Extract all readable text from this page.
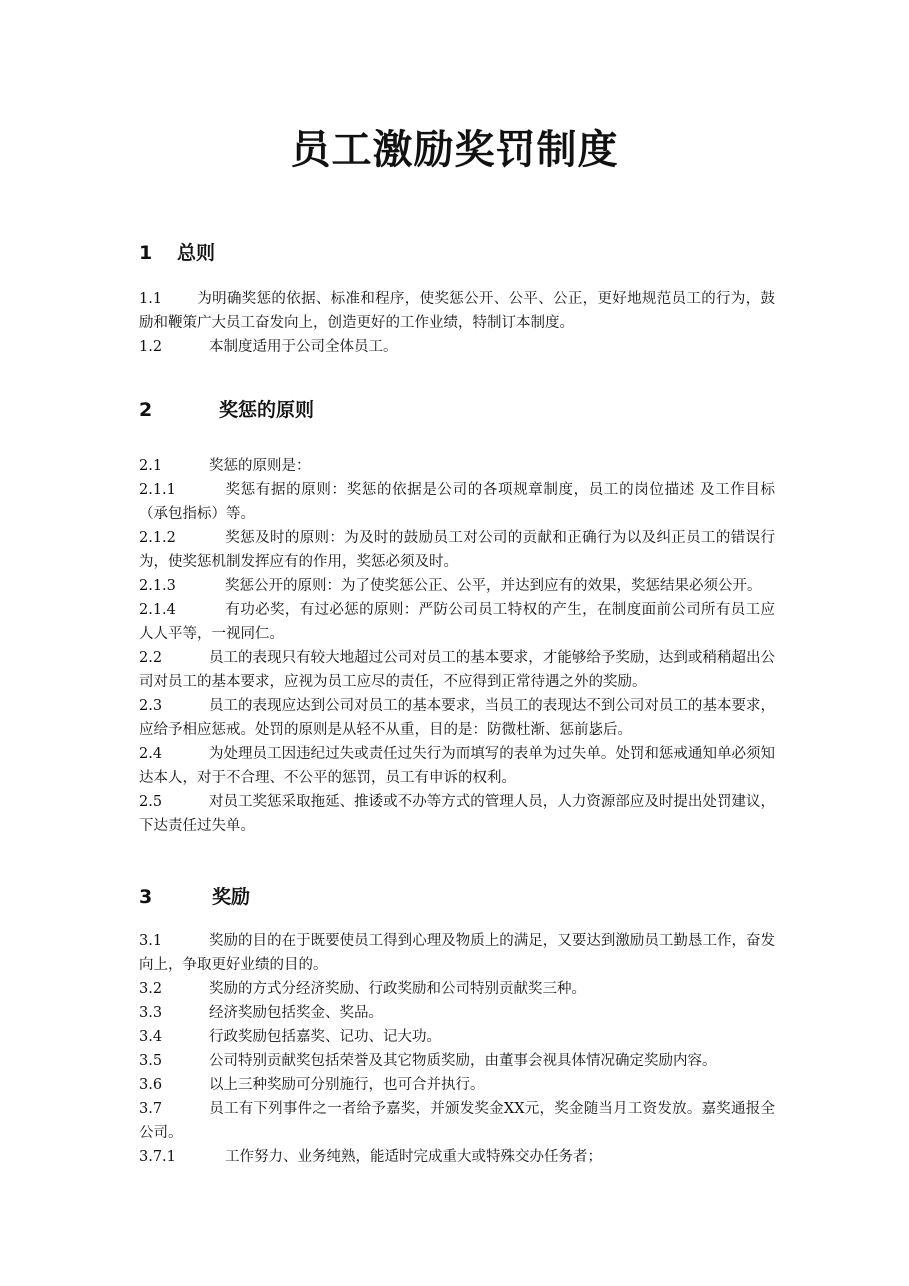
员工激励奖罚制度
1	总则

1.1 为明确奖惩的依据、标准和程序，使奖惩公开、公平、公正，更好地规范员工的行为，鼓励和鞭策广大员工奋发向上，创造更好的工作业绩，特制订本制度。

1.2	本制度适用于公司全体员工。

2	奖惩的原则

2.1	奖惩的原则是：

2.1.1	奖惩有据的原则：奖惩的依据是公司的各项规章制度，员工的岗位描述 及工作目标（承包指标）等。

2.1.2	奖惩及时的原则：为及时的鼓励员工对公司的贡献和正确行为以及纠正员工的错误行为，使奖惩机制发挥应有的作用，奖惩必须及时。

2.1.3	奖惩公开的原则：为了使奖惩公正、公平，并达到应有的效果，奖惩结果必须公开。

2.1.4	有功必奖，有过必惩的原则：严防公司员工特权的产生，在制度面前公司所有员工应人人平等，一视同仁。

2.2	员工的表现只有较大地超过公司对员工的基本要求，才能够给予奖励，达到或稍稍超出公司对员工的基本要求，应视为员工应尽的责任，不应得到正常待遇之外的奖励。

2.3	员工的表现应达到公司对员工的基本要求，当员工的表现达不到公司对员工的基本要求，应给予相应惩戒。处罚的原则是从轻不从重，目的是：防微杜渐、惩前毖后。

2.4	为处理员工因违纪过失或责任过失行为而填写的表单为过失单。处罚和惩戒通知单必须知达本人，对于不合理、不公平的惩罚，员工有申诉的权利。

2.5	对员工奖惩采取拖延、推诿或不办等方式的管理人员，人力资源部应及时提出处罚建议，下达责任过失单。

3	奖励

3.1	奖励的目的在于既要使员工得到心理及物质上的满足，又要达到激励员工勤恳工作，奋发向上，争取更好业绩的目的。

3.2	奖励的方式分经济奖励、行政奖励和公司特别贡献奖三种。

3.3	经济奖励包括奖金、奖品。

3.4	行政奖励包括嘉奖、记功、记大功。

3.5	公司特别贡献奖包括荣誉及其它物质奖励，由董事会视具体情况确定奖励内容。

3.6	以上三种奖励可分别施行，也可合并执行。

3.7	员工有下列事件之一者给予嘉奖，并颁发奖金XX元，奖金随当月工资发放。嘉奖通报全公司。

3.7.1	工作努力、业务纯熟，能适时完成重大或特殊交办任务者；
